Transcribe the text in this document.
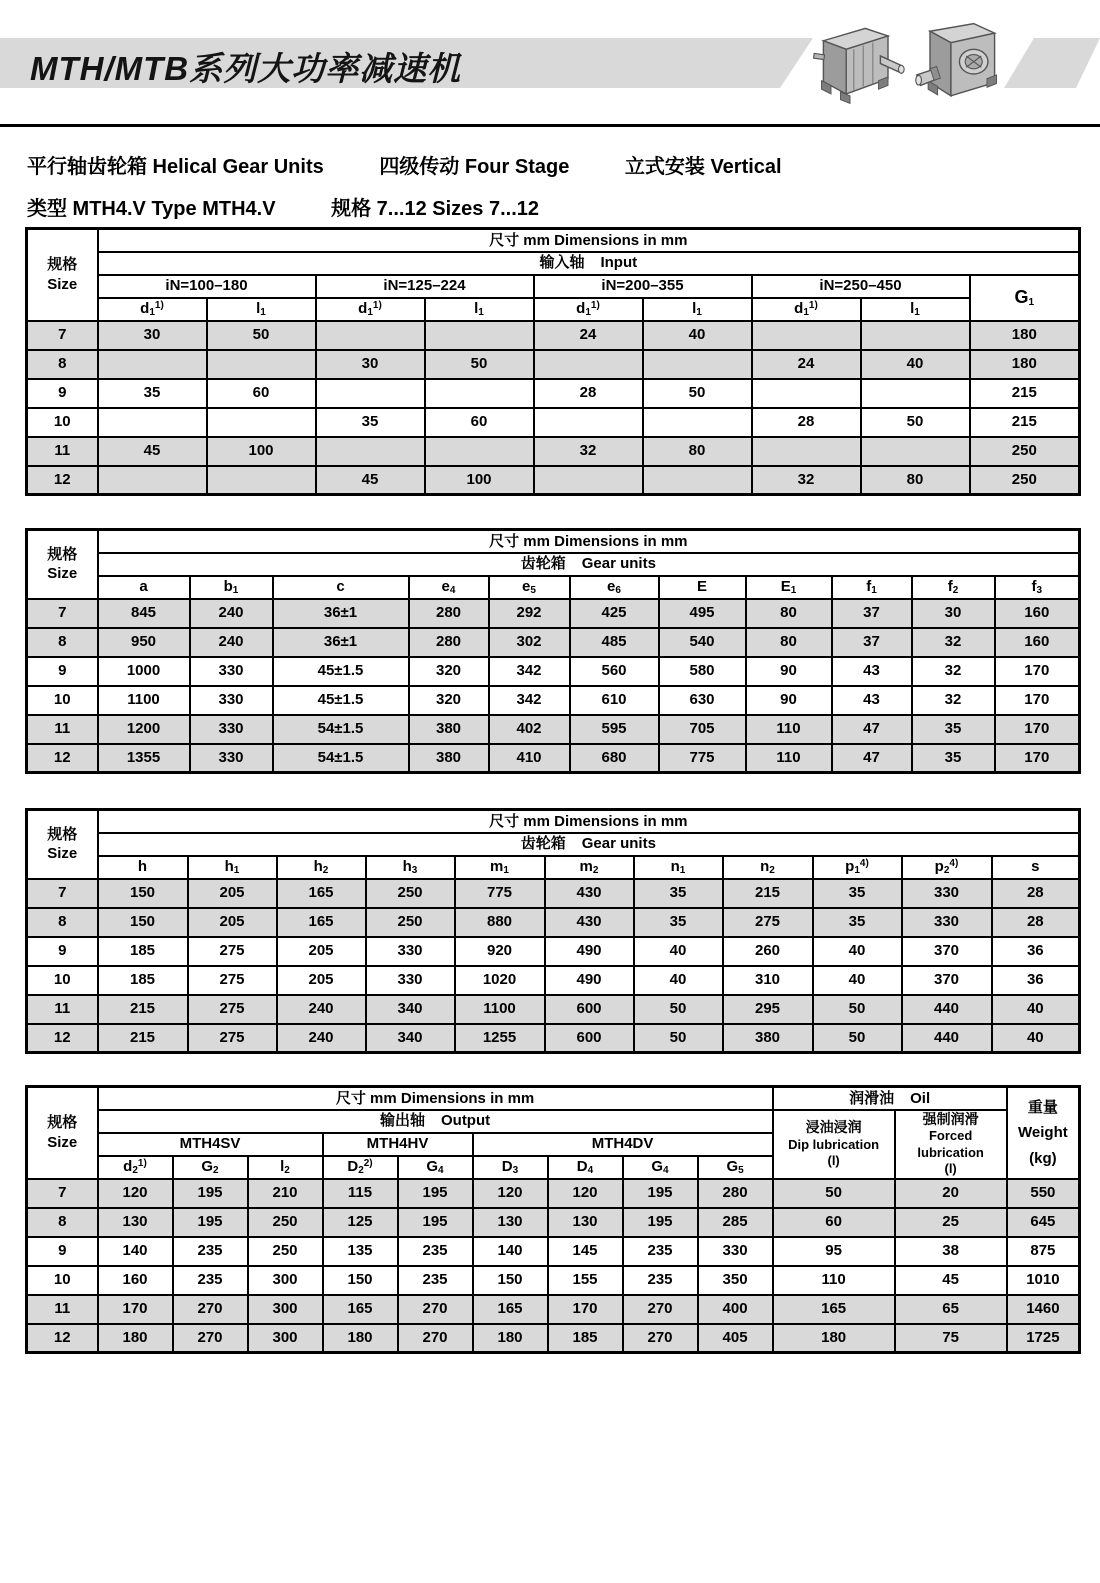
MTH/MTB系列大功率减速机
平行轴齿轮箱 Helical Gear Units	四级传动 Four Stage	立式安装 Vertical
类型 MTH4.V Type MTH4.V	规格 7...12 Sizes 7...12
规格
Size	尺寸 mm Dimensions in mm								
	输入轴 Input								
	iN=100–180		iN=125–224		iN=200–355		iN=250–450		$G_1$
	$d_1^{1)}$	$l_1$	$d_1^{1)}$	$l_1$	$d_1^{1)}$	$l_1$	$d_1^{1)}$	$l_1$
7	30	50			24	40			180
8			30	50			24	40	180
9	35	60			28	50			215
10			35	60			28	50	215
11	45	100			32	80			250
12			45	100			32	80	250
规格
Size	尺寸 mm Dimensions in mm										
	齿轮箱 Gear units										
	a	$b_1$	c	$e_4$	$e_5$	$e_6$	E	$E_1$	$f_1$	$f_2$	$f_3$
7	845	240	36±1	280	292	425	495	80	37	30	160
8	950	240	36±1	280	302	485	540	80	37	32	160
9	1000	330	45±1.5	320	342	560	580	90	43	32	170
10	1100	330	45±1.5	320	342	610	630	90	43	32	170
11	1200	330	54±1.5	380	402	595	705	110	47	35	170
12	1355	330	54±1.5	380	410	680	775	110	47	35	170
规格
Size	尺寸 mm Dimensions in mm										
	齿轮箱 Gear units										
	h	$h_1$	$h_2$	$h_3$	$m_1$	$m_2$	$n_1$	$n_2$	$p_1^{4)}$	$p_2^{4)}$	s
7	150	205	165	250	775	430	35	215	35	330	28
8	150	205	165	250	880	430	35	275	35	330	28
9	185	275	205	330	920	490	40	260	40	370	36
10	185	275	205	330	1020	490	40	310	40	370	36
11	215	275	240	340	1100	600	50	295	50	440	40
12	215	275	240	340	1255	600	50	380	50	440	40
规格
Size	尺寸 mm Dimensions in mm									润滑油 Oil		重量
Weight
(kg)
	输出轴 Output									浸油浸润
Dip lubrication
(l)	强制润滑
Forced lubrication
(l)	

	MTH4SV			MTH4HV		MTH4DV						
	$d_2^{1)}$	$G_2$	$l_2$	$D_2^{2)}$	$G_4$	$D_3$	$D_4$	$G_4$	$G_5$
7	120	195	210	115	195	120	120	195	280	50	20	550
8	130	195	250	125	195	130	130	195	285	60	25	645
9	140	235	250	135	235	140	145	235	330	95	38	875
10	160	235	300	150	235	150	155	235	350	110	45	1010
11	170	270	300	165	270	165	170	270	400	165	65	1460
12	180	270	300	180	270	180	185	270	405	180	75	1725
